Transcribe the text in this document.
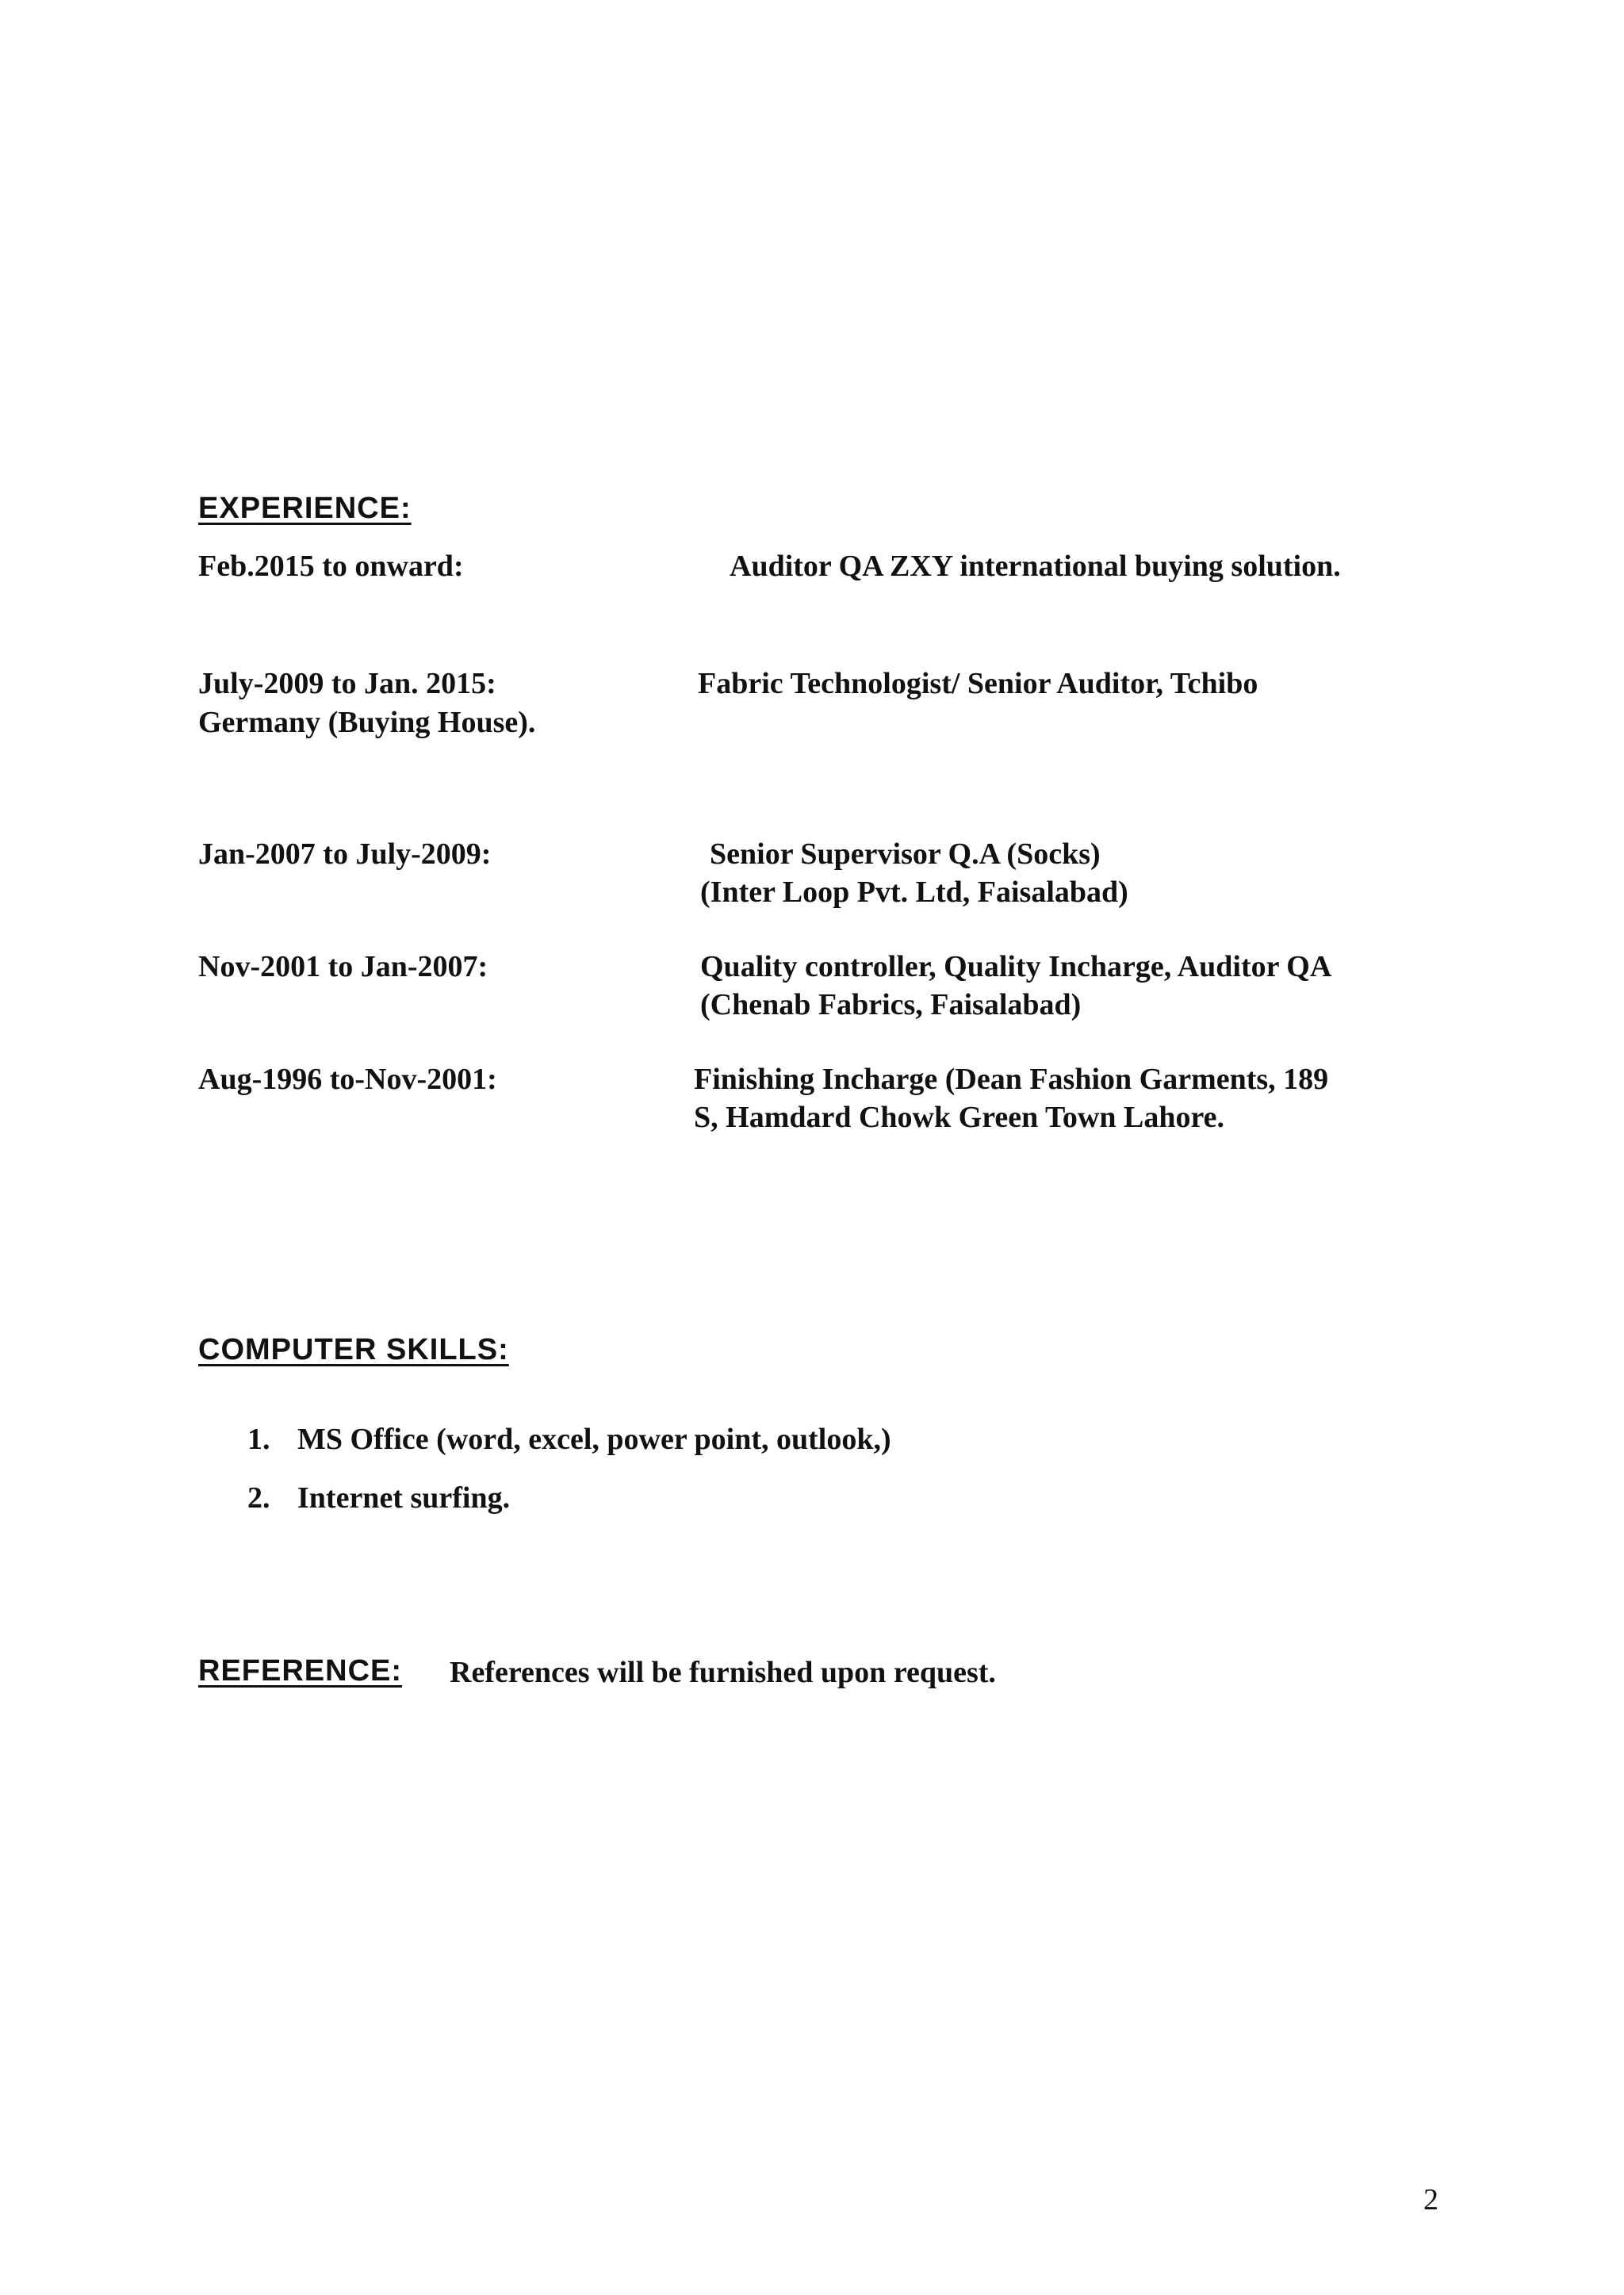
EXPERIENCE:
Feb.2015 to onward:	Auditor QA ZXY international buying solution.
July-2009 to Jan. 2015:	Fabric Technologist/ Senior Auditor, Tchibo
Germany (Buying House).
Jan-2007 to July-2009:	Senior Supervisor Q.A (Socks)
(Inter Loop Pvt. Ltd, Faisalabad)
Nov-2001 to Jan-2007:	Quality controller, Quality Incharge, Auditor QA
(Chenab Fabrics, Faisalabad)
Aug-1996 to-Nov-2001:	Finishing Incharge (Dean Fashion Garments, 189
S, Hamdard Chowk Green Town Lahore.
COMPUTER SKILLS:
1. MS Office (word, excel, power point, outlook,)
2. Internet surfing.
REFERENCE: References will be furnished upon request.
2
